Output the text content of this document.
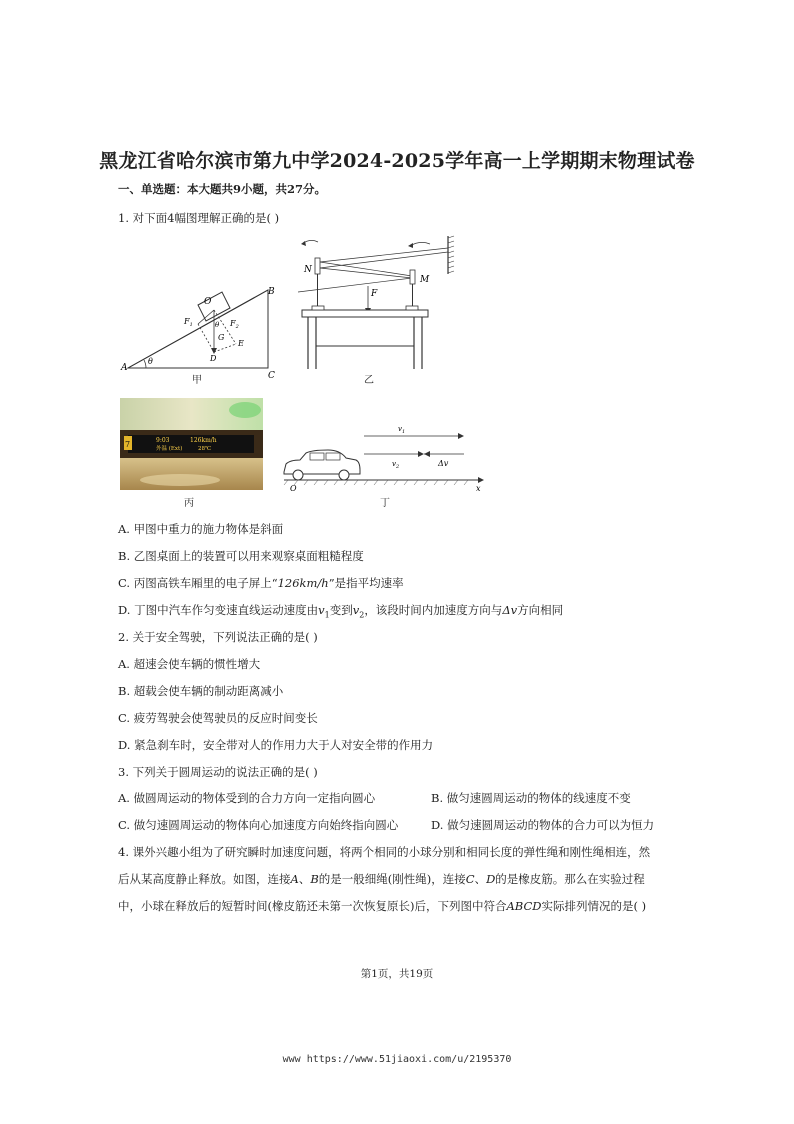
黑龙江省哈尔滨市第九中学2024-2025学年高一上学期期末物理试卷
一、单选题：本大题共9小题，共27分。
1. 对下面4幅图理解正确的是( )
θ
A
B
C
O
G
$F_1$	$F_2$
D
E
θ
甲
N
M
F
乙
7	9:03	126km/h
外温 (Ext)	28℃
丙
$v_1$
$v_2$	Δv
O	x
丁
A. 甲图中重力的施力物体是斜面
B. 乙图桌面上的装置可以用来观察桌面粗糙程度
C. 丙图高铁车厢里的电子屏上“126km/h”是指平均速率
D. 丁图中汽车作匀变速直线运动速度由$v_1$变到$v_2$，该段时间内加速度方向与Δv方向相同
2. 关于安全驾驶，下列说法正确的是( )
A. 超速会使车辆的惯性增大
B. 超载会使车辆的制动距离减小
C. 疲劳驾驶会使驾驶员的反应时间变长
D. 紧急刹车时，安全带对人的作用力大于人对安全带的作用力
3. 下列关于圆周运动的说法正确的是( )
A. 做圆周运动的物体受到的合力方向一定指向圆心	B. 做匀速圆周运动的物体的线速度不变
C. 做匀速圆周运动的物体向心加速度方向始终指向圆心	D. 做匀速圆周运动的物体的合力可以为恒力
4. 课外兴趣小组为了研究瞬时加速度问题，将两个相同的小球分别和相同长度的弹性绳和刚性绳相连，然
后从某高度静止释放。如图，连接A、B的是一般细绳(刚性绳)，连接C、D的是橡皮筋。那么在实验过程
中，小球在释放后的短暂时间(橡皮筋还未第一次恢复原长)后，下列图中符合ABCD实际排列情况的是( )
第1页，共19页
www https://www.51jiaoxi.com/u/2195370
